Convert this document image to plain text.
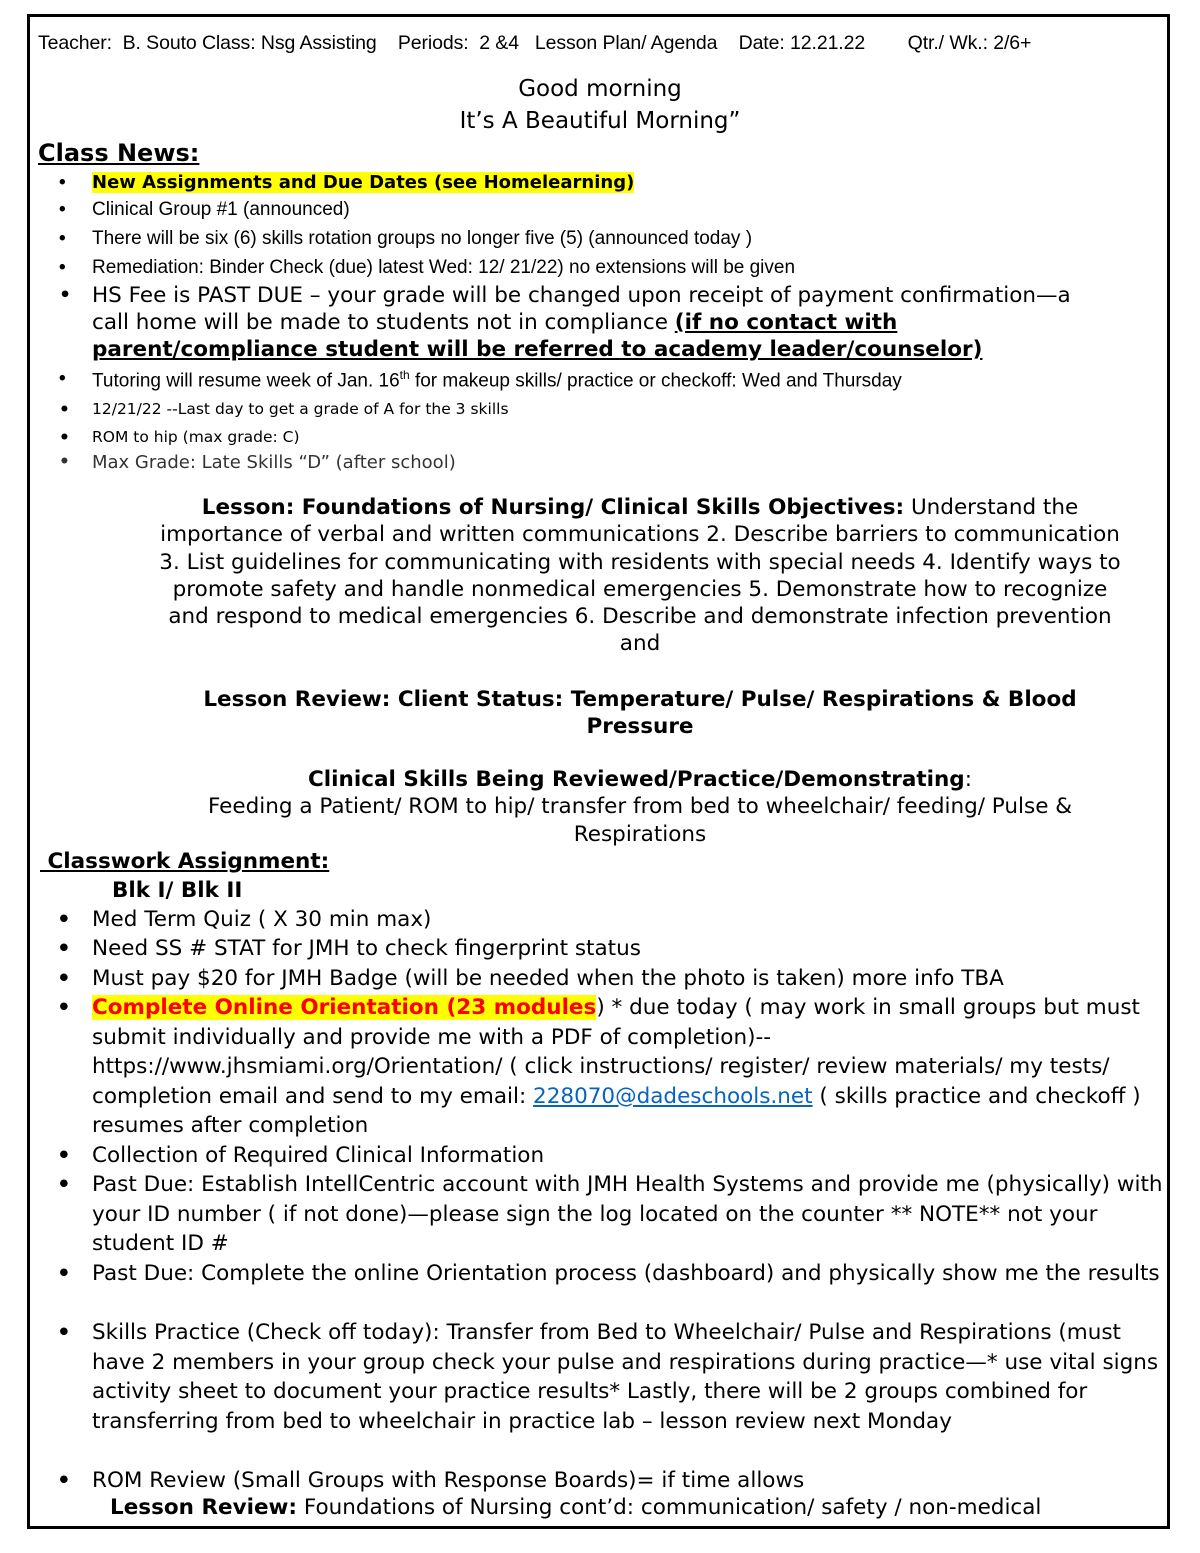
Teacher:  B. Souto Class: Nsg Assisting    Periods:  2 &4   Lesson Plan/ Agenda    Date: 12.21.22        Qtr./ Wk.: 2/6+
Good morning
It’s A Beautiful Morning”
Class News:
• New Assignments and Due Dates (see Homelearning)
• Clinical Group #1 (announced)
• There will be six (6) skills rotation groups no longer five (5) (announced today )
• Remediation: Binder Check (due) latest Wed: 12/ 21/22) no extensions will be given
• HS Fee is PAST DUE – your grade will be changed upon receipt of payment confirmation—a
call home will be made to students not in compliance (if no contact with
parent/compliance student will be referred to academy leader/counselor)
• Tutoring will resume week of Jan. 16th for makeup skills/ practice or checkoff: Wed and Thursday
• 12/21/22 --Last day to get a grade of A for the 3 skills
• ROM to hip (max grade: C)
• Max Grade: Late Skills “D” (after school)
Lesson: Foundations of Nursing/ Clinical Skills Objectives: Understand the
importance of verbal and written communications 2. Describe barriers to communication
3. List guidelines for communicating with residents with special needs 4. Identify ways to
promote safety and handle nonmedical emergencies 5. Demonstrate how to recognize
and respond to medical emergencies 6. Describe and demonstrate infection prevention
and
Lesson Review: Client Status: Temperature/ Pulse/ Respirations & Blood
Pressure
Clinical Skills Being Reviewed/Practice/Demonstrating:
Feeding a Patient/ ROM to hip/ transfer from bed to wheelchair/ feeding/ Pulse &
Respirations
Classwork Assignment:
Blk I/ Blk II
• Med Term Quiz ( X 30 min max)
• Need SS # STAT for JMH to check fingerprint status
• Must pay $20 for JMH Badge (will be needed when the photo is taken) more info TBA
• Complete Online Orientation (23 modules) * due today ( may work in small groups but must submit individually and provide me with a PDF of completion)-- https://www.jhsmiami.org/Orientation/ ( click instructions/ register/ review materials/ my tests/ completion email and send to my email: 228070@dadeschools.net ( skills practice and checkoff ) resumes after completion
• Collection of Required Clinical Information
• Past Due: Establish IntellCentric account with JMH Health Systems and provide me (physically) with your ID number ( if not done)—please sign the log located on the counter ** NOTE** not your student ID #
• Past Due: Complete the online Orientation process (dashboard) and physically show me the results
• Skills Practice (Check off today): Transfer from Bed to Wheelchair/ Pulse and Respirations (must have 2 members in your group check your pulse and respirations during practice—* use vital signs activity sheet to document your practice results* Lastly, there will be 2 groups combined for transferring from bed to wheelchair in practice lab – lesson review next Monday
• ROM Review (Small Groups with Response Boards)= if time allows
Lesson Review: Foundations of Nursing cont’d: communication/ safety / non-medical
